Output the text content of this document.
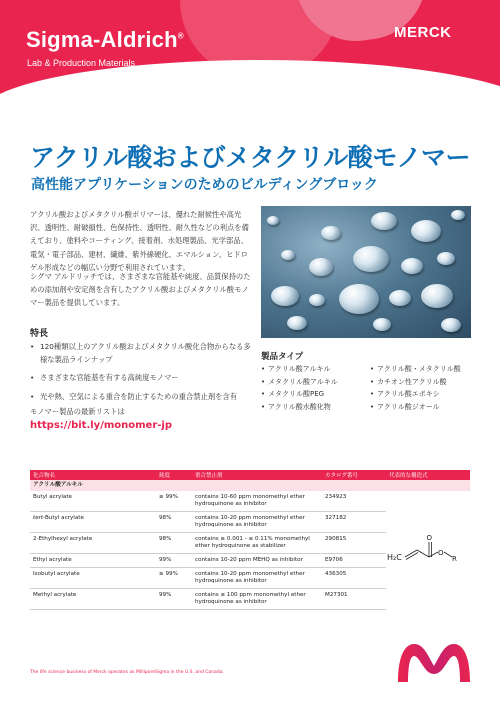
Sigma-Aldrich®
Lab & Production Materials
MERCK
アクリル酸およびメタクリル酸モノマー
高性能アプリケーションのためのビルディングブロック

アクリル酸およびメタクリル酸ポリマーは、優れた耐候性や高光沢、透明性、耐破損性、色保持性、透明性、耐久性などの利点を備えており、塗料やコーティング、接着剤、水処理製品、光学部品、電気・電子部品、建材、繊維、紫外線硬化、エマルション、ヒドロゲル形成などの幅広い分野で利用されています。

シグマ アルドリッチでは、さまざまな官能基や純度、品質保持のための添加剤や安定剤を含有したアクリル酸およびメタクリル酸モノマー製品を提供しています。

特長
• 120種類以上のアクリル酸およびメタクリル酸化合物からなる多様な製品ラインナップ
• さまざまな官能基を有する高純度モノマー
• 光や熱、空気による重合を防止するための重合禁止剤を含有
モノマー製品の最新リストは
https://bit.ly/monomer-jp
製品タイプ
• アクリル酸アルキル
• メタクリル酸アルキル
• メタクリル酸PEG
• アクリル酸水酸化物
• アクリル酸・メタクリル酸
• カチオン性アクリル酸
• アクリル酸エポキシ
• アクリル酸ジオール
化合物名	純度	重合禁止剤	カタログ番号	代表的な構造式
アクリル酸アルキル				
Butyl acrylate	≥ 99%	contains 10-60 ppm monomethyl ether hydroquinone as inhibitor	234923	
tert-Butyl acrylate	98%	contains 10-20 ppm monomethyl ether hydroquinone as inhibitor	327182	
2-Ethylhexyl acrylate	98%	contains ≥ 0.001 - ≤ 0.11% monomethyl ether hydroquinone as stabilizer	290815	
Ethyl acrylate	99%	contains 10-20 ppm MEHQ as inhibitor	E9706	
Isobutyl acrylate	≥ 99%	contains 10-20 ppm monomethyl ether hydroquinone as inhibitor	436305	
Methyl acrylate	99%	contains ≤ 100 ppm monomethyl ether hydroquinone as inhibitor	M27301	
H₂C
O
O
R
The life science business of Merck operates as MilliporeSigma in the U.S. and Canada.
